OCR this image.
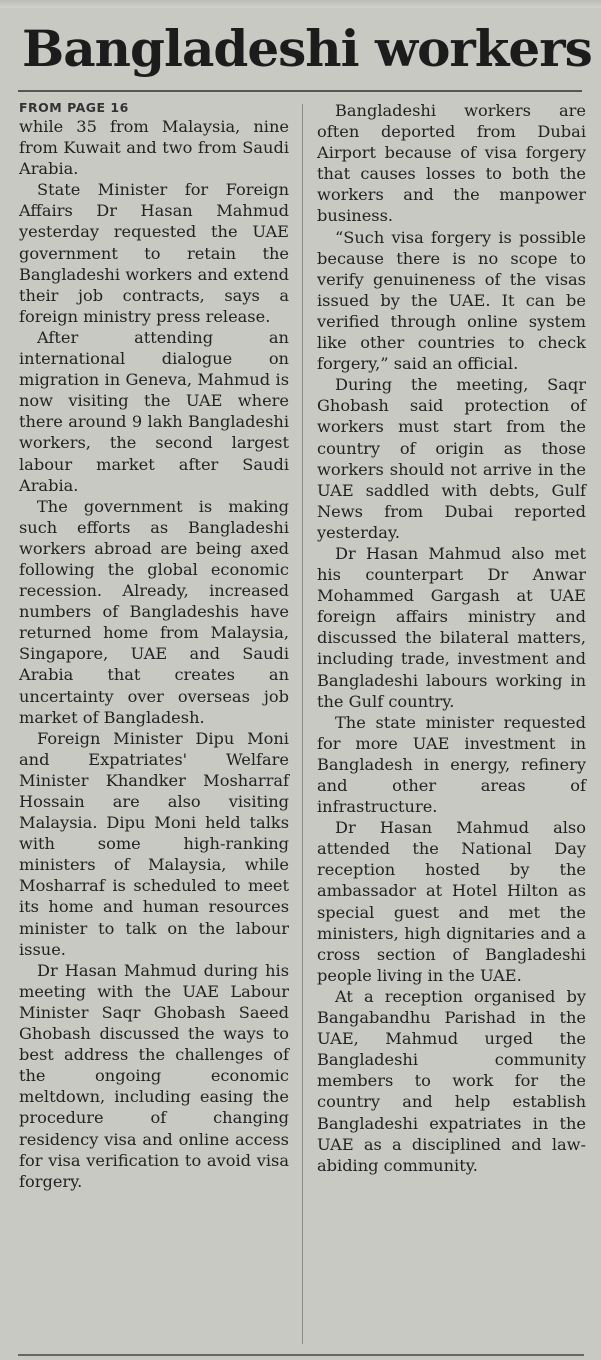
Bangladeshi workers
FROM PAGE 16

while 35 from Malaysia, nine from Kuwait and two from Saudi Arabia.

State Minister for Foreign Affairs Dr Hasan Mahmud yesterday requested the UAE government to retain the Bangladeshi workers and extend their job contracts, says a foreign ministry press release.

After attending an international dialogue on migration in Geneva, Mahmud is now visiting the UAE where there around 9 lakh Bangladeshi workers, the second largest labour market after Saudi Arabia.

The government is making such efforts as Bangladeshi workers abroad are being axed following the global economic recession. Already, increased numbers of Bangladeshis have returned home from Malaysia, Singapore, UAE and Saudi Arabia that creates an uncertainty over overseas job market of Bangladesh.

Foreign Minister Dipu Moni and Expatriates' Welfare Minister Khandker Mosharraf Hossain are also visiting Malaysia. Dipu Moni held talks with some high-ranking ministers of Malaysia, while Mosharraf is scheduled to meet its home and human resources minister to talk on the labour issue.

Dr Hasan Mahmud during his meeting with the UAE Labour Minister Saqr Ghobash Saeed Ghobash discussed the ways to best address the challenges of the ongoing economic meltdown, including easing the procedure of changing residency visa and online access for visa verification to avoid visa forgery.

Bangladeshi workers are often deported from Dubai Airport because of visa forgery that causes losses to both the workers and the manpower business.

“Such visa forgery is possible because there is no scope to verify genuineness of the visas issued by the UAE. It can be verified through online system like other countries to check forgery,” said an official.

During the meeting, Saqr Ghobash said protection of workers must start from the country of origin as those workers should not arrive in the UAE saddled with debts, Gulf News from Dubai reported yesterday.

Dr Hasan Mahmud also met his counterpart Dr Anwar Mohammed Gargash at UAE foreign affairs ministry and discussed the bilateral matters, including trade, investment and Bangladeshi labours working in the Gulf country.

The state minister requested for more UAE investment in Bangladesh in energy, refinery and other areas of infrastructure.

Dr Hasan Mahmud also attended the National Day reception hosted by the ambassador at Hotel Hilton as special guest and met the ministers, high dignitaries and a cross section of Bangladeshi people living in the UAE.

At a reception organised by Bangabandhu Parishad in the UAE, Mahmud urged the Bangladeshi community members to work for the country and help establish Bangladeshi expatriates in the UAE as a disciplined and law-abiding community.
